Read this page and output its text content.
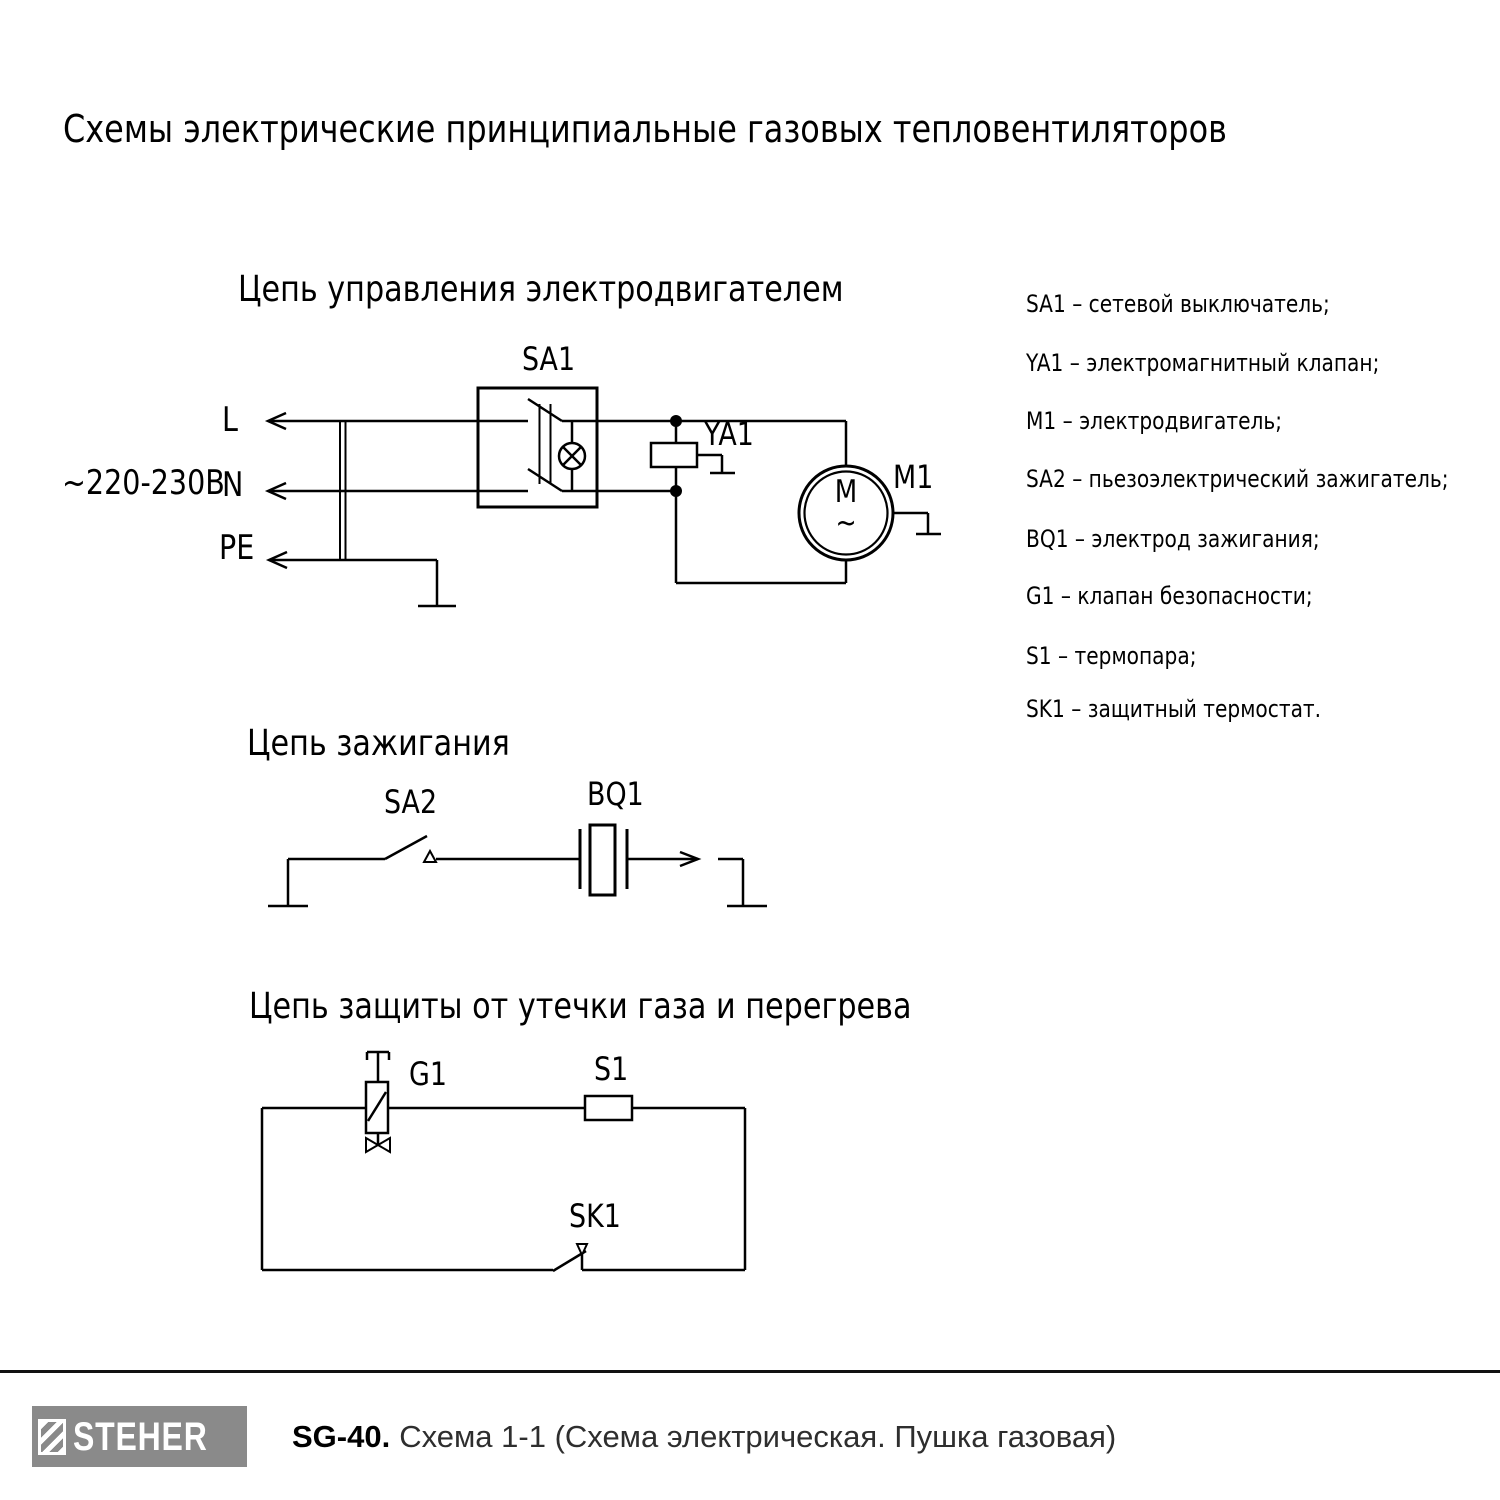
Схемы электрические принципиальные газовых тепловентиляторов
Цепь управления электродвигателем
~220-230В
L
N
PE
SA1
YA1
M1
M
~
Цепь зажигания
SA2	BQ1
Цепь защиты от утечки газа и перегрева
G1	S1
SK1
SA1 – сетевой выключатель;
YA1 – электромагнитный клапан;
M1 – электродвигатель;
SA2 – пьезоэлектрический зажигатель;
BQ1 – электрод зажигания;
G1 – клапан безопасности;
S1 – термопара;
SK1 – защитный термостат.
STEHER	SG-40. Схема 1-1 (Схема электрическая. Пушка газовая)
